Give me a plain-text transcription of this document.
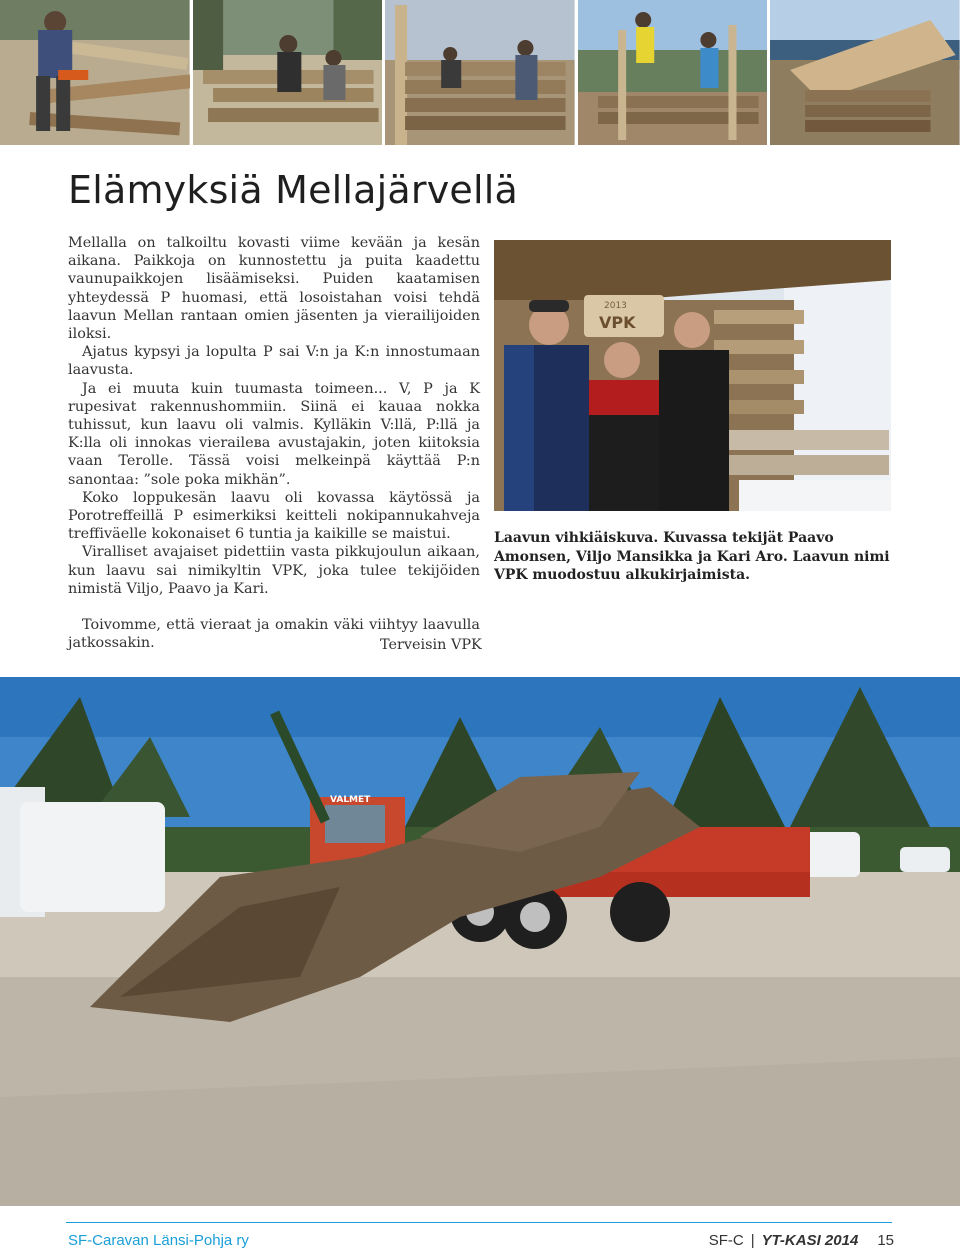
Elämyksiä Mellajärvellä

Mellalla on talkoiltu kovasti viime kevään ja kesän aikana. Paikkoja on kunnostettu ja puita kaadettu vaunupaikkojen lisäämiseksi. Puiden kaatamisen yhteydessä P huomasi, että losoistahan voisi tehdä laavun Mellan rantaan omien jäsenten ja vierailijoiden iloksi.

Ajatus kypsyi ja lopulta P sai V:n ja K:n innostumaan laavusta.

Ja ei muuta kuin tuumasta toimeen... V, P ja K rupesivat rakennushommiin. Siinä ei kauaa nokka tuhissut, kun laavu oli valmis. Kylläkin V:llä, P:llä ja K:lla oli innokas vierailева avustajakin, joten kiitoksia vaan Terolle. Tässä voisi melkeinpä käyttää P:n sanontaa: ”sole poka mikhän”.

Koko loppukesän laavu oli kovassa käytössä ja Porotreffeillä P esimerkiksi keitteli nokipannukahveja treffiväelle kokonaiset 6 tuntia ja kaikille se maistui.

Viralliset avajaiset pidettiin vasta pikkujoulun aikaan, kun laavu sai nimikyltin VPK, joka tulee tekijöiden nimistä Viljo, Paavo ja Kari.

Toivomme, että vieraat ja omakin väki viihtyy laavulla jatkossakin.	Terveisin VPK
2013
VPK
Laavun vihkiäiskuva. Kuvassa tekijät Paavo Amonsen, Viljo Mansikka ja Kari Aro. Laavun nimi VPK muodostuu alkukirjaimista.
VALMET
SF-Caravan Länsi-Pohja ry	SF-C | YT-KASI 2014 15
